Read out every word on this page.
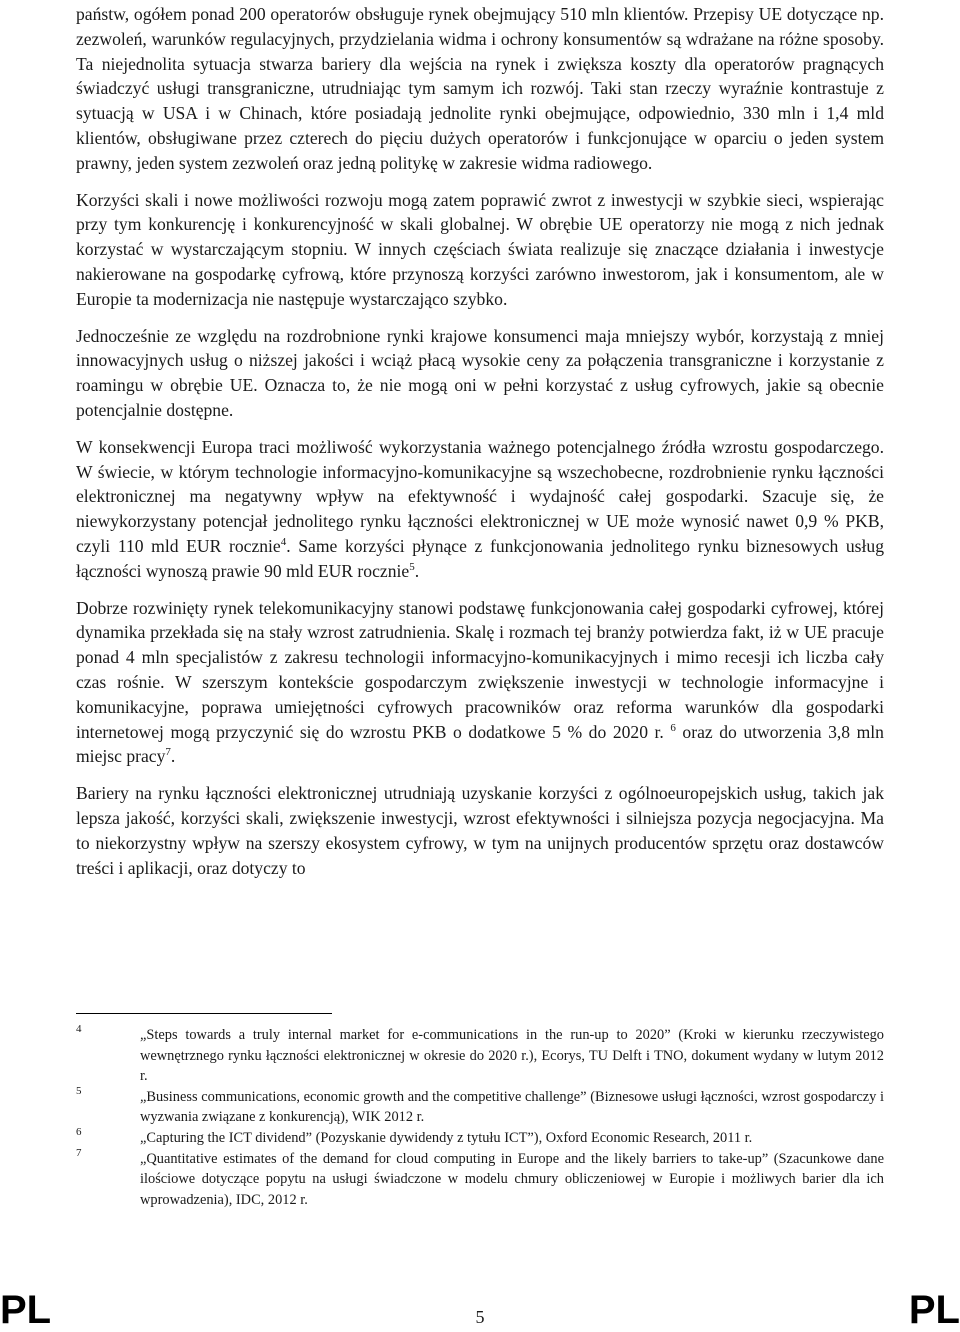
państw, ogółem ponad 200 operatorów obsługuje rynek obejmujący 510 mln klientów. Przepisy UE dotyczące np. zezwoleń, warunków regulacyjnych, przydzielania widma i ochrony konsumentów są wdrażane na różne sposoby. Ta niejednolita sytuacja stwarza bariery dla wejścia na rynek i zwiększa koszty dla operatorów pragnących świadczyć usługi transgraniczne, utrudniając tym samym ich rozwój. Taki stan rzeczy wyraźnie kontrastuje z sytuacją w USA i w Chinach, które posiadają jednolite rynki obejmujące, odpowiednio, 330 mln i 1,4 mld klientów, obsługiwane przez czterech do pięciu dużych operatorów i funkcjonujące w oparciu o jeden system prawny, jeden system zezwoleń oraz jedną politykę w zakresie widma radiowego.

Korzyści skali i nowe możliwości rozwoju mogą zatem poprawić zwrot z inwestycji w szybkie sieci, wspierając przy tym konkurencję i konkurencyjność w skali globalnej. W obrębie UE operatorzy nie mogą z nich jednak korzystać w wystarczającym stopniu. W innych częściach świata realizuje się znaczące działania i inwestycje nakierowane na gospodarkę cyfrową, które przynoszą korzyści zarówno inwestorom, jak i konsumentom, ale w Europie ta modernizacja nie następuje wystarczająco szybko.

Jednocześnie ze względu na rozdrobnione rynki krajowe konsumenci maja mniejszy wybór, korzystają z mniej innowacyjnych usług o niższej jakości i wciąż płacą wysokie ceny za połączenia transgraniczne i korzystanie z roamingu w obrębie UE. Oznacza to, że nie mogą oni w pełni korzystać z usług cyfrowych, jakie są obecnie potencjalnie dostępne.

W konsekwencji Europa traci możliwość wykorzystania ważnego potencjalnego źródła wzrostu gospodarczego. W świecie, w którym technologie informacyjno-komunikacyjne są wszechobecne, rozdrobnienie rynku łączności elektronicznej ma negatywny wpływ na efektywność i wydajność całej gospodarki. Szacuje się, że niewykorzystany potencjał jednolitego rynku łączności elektronicznej w UE może wynosić nawet 0,9 % PKB, czyli 110 mld EUR rocznie$^4$. Same korzyści płynące z funkcjonowania jednolitego rynku biznesowych usług łączności wynoszą prawie 90 mld EUR rocznie$^5$.

Dobrze rozwinięty rynek telekomunikacyjny stanowi podstawę funkcjonowania całej gospodarki cyfrowej, której dynamika przekłada się na stały wzrost zatrudnienia. Skalę i rozmach tej branży potwierdza fakt, iż w UE pracuje ponad 4 mln specjalistów z zakresu technologii informacyjno-komunikacyjnych i mimo recesji ich liczba cały czas rośnie. W szerszym kontekście gospodarczym zwiększenie inwestycji w technologie informacyjne i komunikacyjne, poprawa umiejętności cyfrowych pracowników oraz reforma warunków dla gospodarki internetowej mogą przyczynić się do wzrostu PKB o dodatkowe 5 % do 2020 r. $^6$ oraz do utworzenia 3,8 mln miejsc pracy$^7$.

Bariery na rynku łączności elektronicznej utrudniają uzyskanie korzyści z ogólnoeuropejskich usług, takich jak lepsza jakość, korzyści skali, zwiększenie inwestycji, wzrost efektywności i silniejsza pozycja negocjacyjna. Ma to niekorzystny wpływ na szerszy ekosystem cyfrowy, w tym na unijnych producentów sprzętu oraz dostawców treści i aplikacji, oraz dotyczy to

4	„Steps towards a truly internal market for e-communications in the run-up to 2020” (Kroki w kierunku rzeczywistego wewnętrznego rynku łączności elektronicznej w okresie do 2020 r.), Ecorys, TU Delft i TNO, dokument wydany w lutym 2012 r.
5	„Business communications, economic growth and the competitive challenge” (Biznesowe usługi łączności, wzrost gospodarczy i wyzwania związane z konkurencją), WIK 2012 r.
6	„Capturing the ICT dividend” (Pozyskanie dywidendy z tytułu ICT”), Oxford Economic Research, 2011 r.
7	„Quantitative estimates of the demand for cloud computing in Europe and the likely barriers to take-up” (Szacunkowe dane ilościowe dotyczące popytu na usługi świadczone w modelu chmury obliczeniowej w Europie i możliwych barier dla ich wprowadzenia), IDC, 2012 r.
PL	5	PL
